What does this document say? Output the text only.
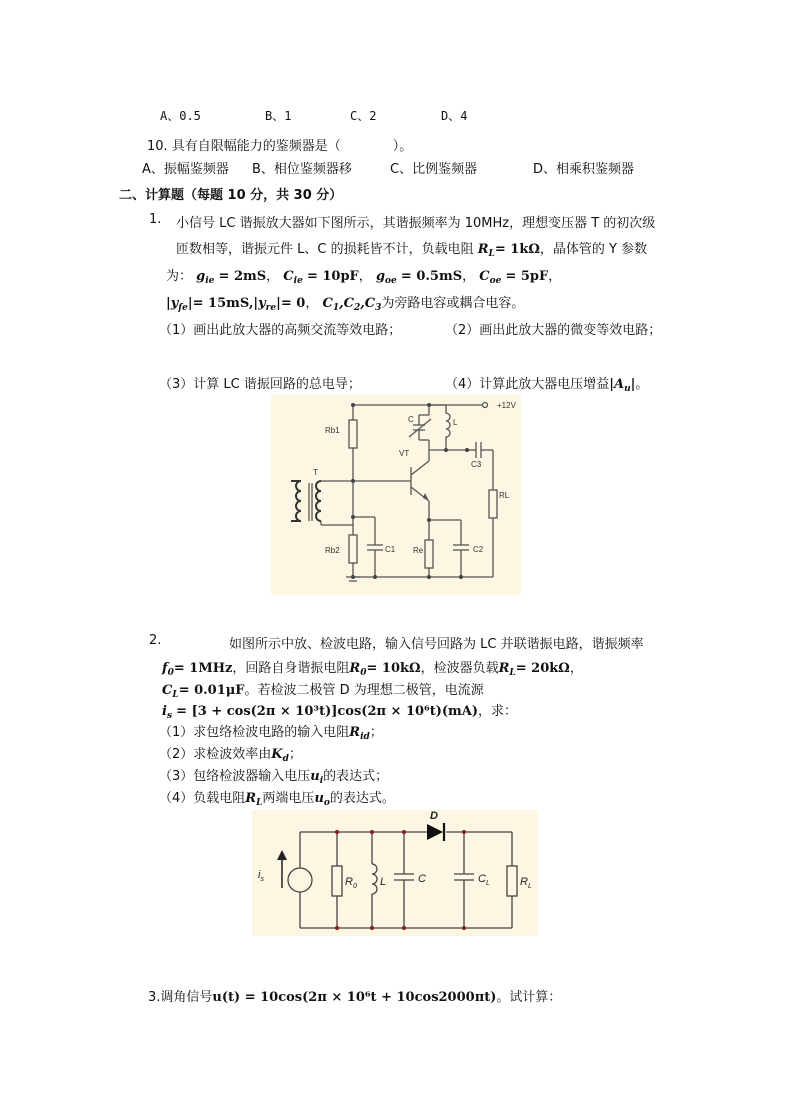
A、0.5	B、1	C、2	D、4
10. 具有自限幅能力的鉴频器是（　　　　）。
A、振幅鉴频器 B、相位鉴频器移	C、比例鉴频器	D、相乘积鉴频器
二、计算题（每题 10 分，共 30 分）
1. 小信号 LC 谐振放大器如下图所示，其谐振频率为 10MHz，理想变压器 T 的初次级
匝数相等，谐振元件 L、C 的损耗皆不计，负载电阻 $R_L= 1k\Omega$，晶体管的 Y 参数
为： $g_{ie} = 2mS$， $C_{ie} = 10pF$， $g_{oe} = 0.5mS$， $C_{oe} = 5pF$，
$|y_{fe}|= 15mS,|y_{re}|= 0$， $C_1,C_2,C_3$为旁路电容或耦合电容。
（1）画出此放大器的高频交流等效电路；	（2）画出此放大器的微变等效电路；
（3）计算 LC 谐振回路的总电导；	（4）计算此放大器电压增益$|A_u|$。
+12V
Rb1
Rb2	C1	C2
C3
Re
RL
VT
T
C	L
2.	如图所示中放、检波电路，输入信号回路为 LC 并联谐振电路，谐振频率
$f_0= 1MHz$，回路自身谐振电阻$R_0= 10k\Omega$，检波器负载$R_L= 20k\Omega$，
$C_L= 0.01\mu F$。若检波二极管 D 为理想二极管，电流源
$i_s = [3 + \cos(2\pi \times 10^3t)]\cos(2\pi \times 10^6t)(mA)$，求：
（1）求包络检波电路的输入电阻$R_{id}$；
（2）求检波效率由$K_d$；
（3）包络检波器输入电压$u_i$的表达式；
（4）负载电阻$R_L$两端电压$u_o$的表达式。
$i_s$	$R_0$ L	C	$C_L$	$R_L$
D
3.调角信号u(t) = 10cos(2π × 10⁶t + 10cos2000πt)。试计算：
